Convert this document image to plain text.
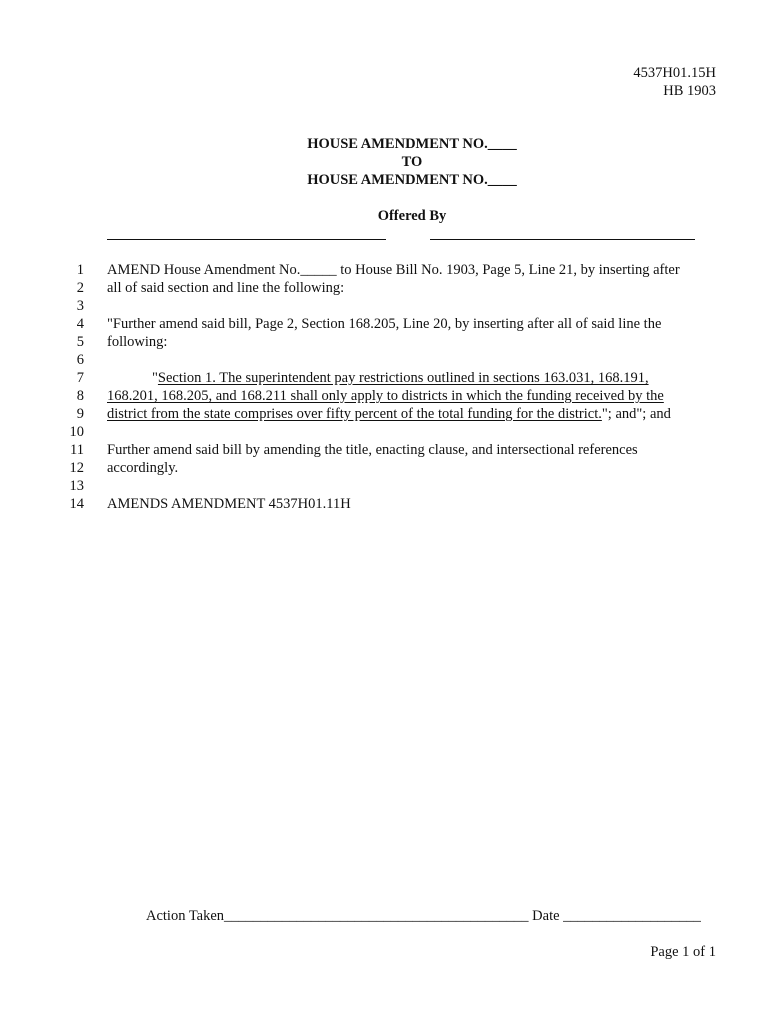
4537H01.15H
HB 1903
HOUSE AMENDMENT NO.____
TO
HOUSE AMENDMENT NO.____
Offered By
1
2
3
4
5
6
7
8
9
10
11
12
13
14
AMEND House Amendment No._____ to House Bill No. 1903, Page 5, Line 21, by inserting after
all of said section and line the following:
"Further amend said bill, Page 2, Section 168.205, Line 20, by inserting after all of said line the
following:
"Section 1. The superintendent pay restrictions outlined in sections 163.031, 168.191,
168.201, 168.205, and 168.211 shall only apply to districts in which the funding received by the
district from the state comprises over fifty percent of the total funding for the district."; and"; and
Further amend said bill by amending the title, enacting clause, and intersectional references
accordingly.
AMENDS AMENDMENT 4537H01.11H
Action Taken__________________________________________ Date ___________________
Page 1 of 1
